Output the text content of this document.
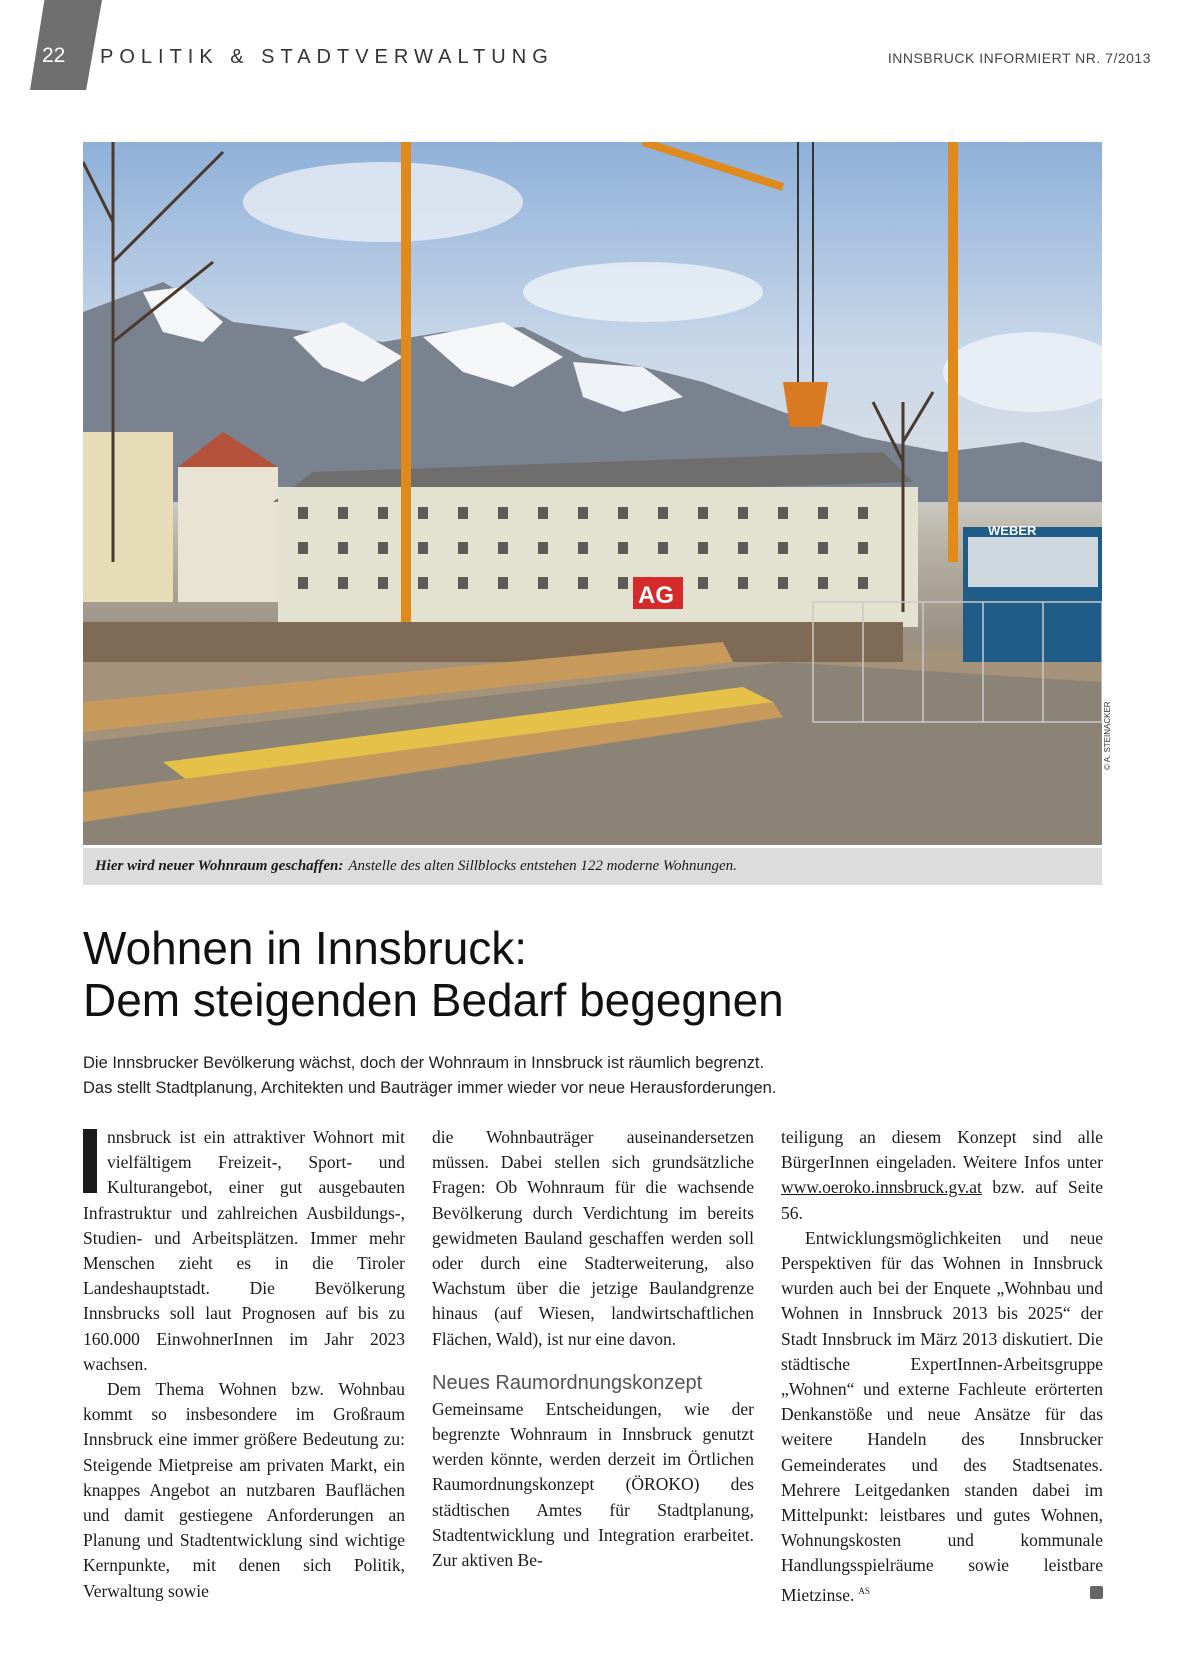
22 POLITIK & STADTVERWALTUNG	INNSBRUCK INFORMIERT NR. 7/2013
AG
WEBER
© A. STEINACKER
Hier wird neuer Wohnraum geschaffen: Anstelle des alten Sillblocks entstehen 122 moderne Wohnungen.
Wohnen in Innsbruck:
Dem steigenden Bedarf begegnen
Die Innsbrucker Bevölkerung wächst, doch der Wohnraum in Innsbruck ist räumlich begrenzt.
Das stellt Stadtplanung, Architekten und Bauträger immer wieder vor neue Herausforderungen.

nnsbruck ist ein attraktiver Wohnort mit vielfältigem Freizeit-, Sport- und Kulturangebot, einer gut ausgebauten Infrastruktur und zahlreichen Ausbildungs-, Studien- und Arbeitsplätzen. Immer mehr Menschen zieht es in die Tiroler Landeshauptstadt. Die Bevölkerung Innsbrucks soll laut Prognosen auf bis zu 160.000 EinwohnerInnen im Jahr 2023 wachsen.

Dem Thema Wohnen bzw. Wohnbau kommt so insbesondere im Großraum Innsbruck eine immer größere Bedeutung zu: Steigende Mietpreise am privaten Markt, ein knappes Angebot an nutzbaren Bauflächen und damit gestiegene Anforderungen an Planung und Stadtentwicklung sind wichtige Kernpunkte, mit denen sich Politik, Verwaltung sowie

die Wohnbauträger auseinandersetzen müssen. Dabei stellen sich grundsätzliche Fragen: Ob Wohnraum für die wachsende Bevölkerung durch Verdichtung im bereits gewidmeten Bauland geschaffen werden soll oder durch eine Stadterweiterung, also Wachstum über die jetzige Baulandgrenze hinaus (auf Wiesen, landwirtschaftlichen Flächen, Wald), ist nur eine davon.

Neues Raumordnungskonzept

Gemeinsame Entscheidungen, wie der begrenzte Wohnraum in Innsbruck genutzt werden könnte, werden derzeit im Örtlichen Raumordnungskonzept (ÖROKO) des städtischen Amtes für Stadtplanung, Stadtentwicklung und Integration erarbeitet. Zur aktiven Be-

teiligung an diesem Konzept sind alle BürgerInnen eingeladen. Weitere Infos unter www.oeroko.innsbruck.gv.at bzw. auf Seite 56.

Entwicklungsmöglichkeiten und neue Perspektiven für das Wohnen in Innsbruck wurden auch bei der Enquete „Wohnbau und Wohnen in Innsbruck 2013 bis 2025“ der Stadt Innsbruck im März 2013 diskutiert. Die städtische ExpertInnen-Arbeitsgruppe „Wohnen“ und externe Fachleute erörterten Denkanstöße und neue Ansätze für das weitere Handeln des Innsbrucker Gemeinderates und des Stadtsenates. Mehrere Leitgedanken standen dabei im Mittelpunkt: leistbares und gutes Wohnen, Wohnungskosten und kommunale Handlungsspielräume sowie leistbare Mietzinse. $^{AS}$
